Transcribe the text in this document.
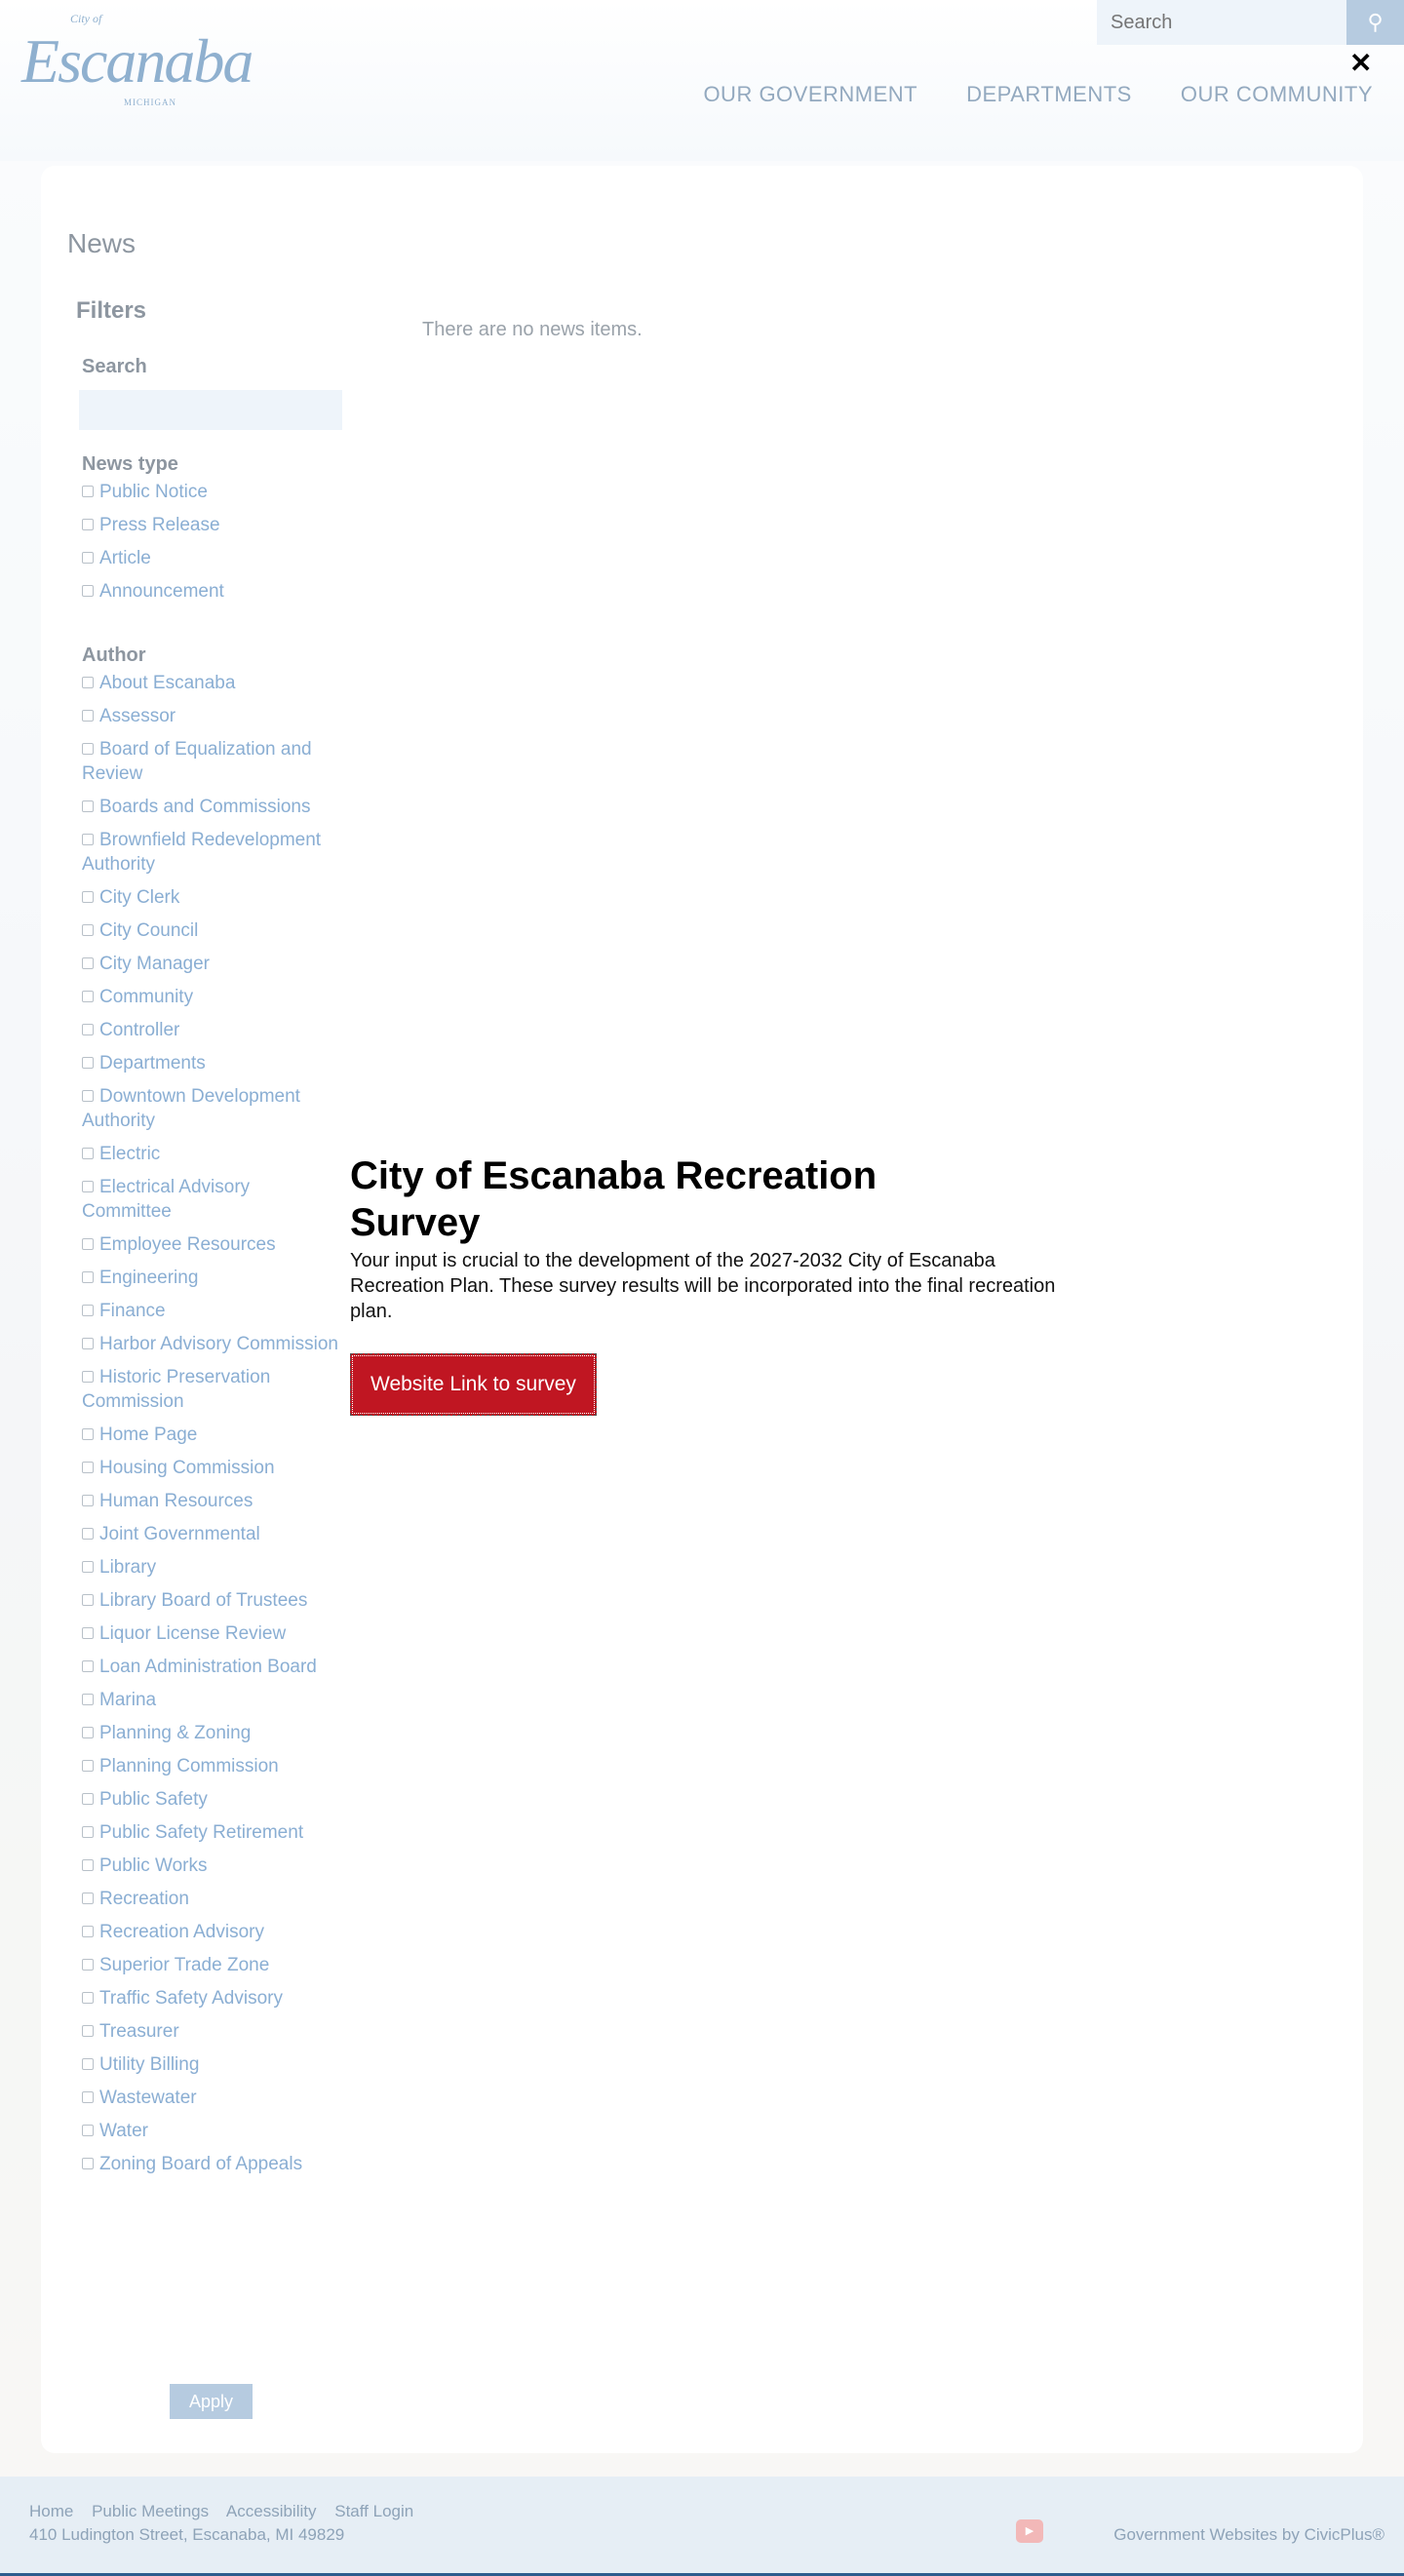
City of
Escanaba
MICHIGAN
Search
⚲
OUR GOVERNMENT DEPARTMENTS OUR COMMUNITY
News
Filters
Search
News type
Public Notice
Press Release
Article
Announcement
Author
About Escanaba
Assessor
Board of Equalization and Review
Boards and Commissions
Brownfield Redevelopment Authority
City Clerk
City Council
City Manager
Community
Controller
Departments
Downtown Development Authority
Electric
Electrical Advisory Committee
Employee Resources
Engineering
Finance
Harbor Advisory Commission
Historic Preservation Commission
Home Page
Housing Commission
Human Resources
Joint Governmental
Library
Library Board of Trustees
Liquor License Review
Loan Administration Board
Marina
Planning & Zoning
Planning Commission
Public Safety
Public Safety Retirement
Public Works
Recreation
Recreation Advisory
Superior Trade Zone
Traffic Safety Advisory
Treasurer
Utility Billing
Wastewater
Water
Zoning Board of Appeals
There are no news items.
Apply
Home Public Meetings Accessibility Staff Login
410 Ludington Street, Escanaba, MI 49829	▶	Government Websites by CivicPlus®
✕
City of Escanaba Recreation Survey

Your input is crucial to the development of the 2027-2032 City of Escanaba Recreation Plan. These survey results will be incorporated into the final recreation plan.

Website Link to survey
